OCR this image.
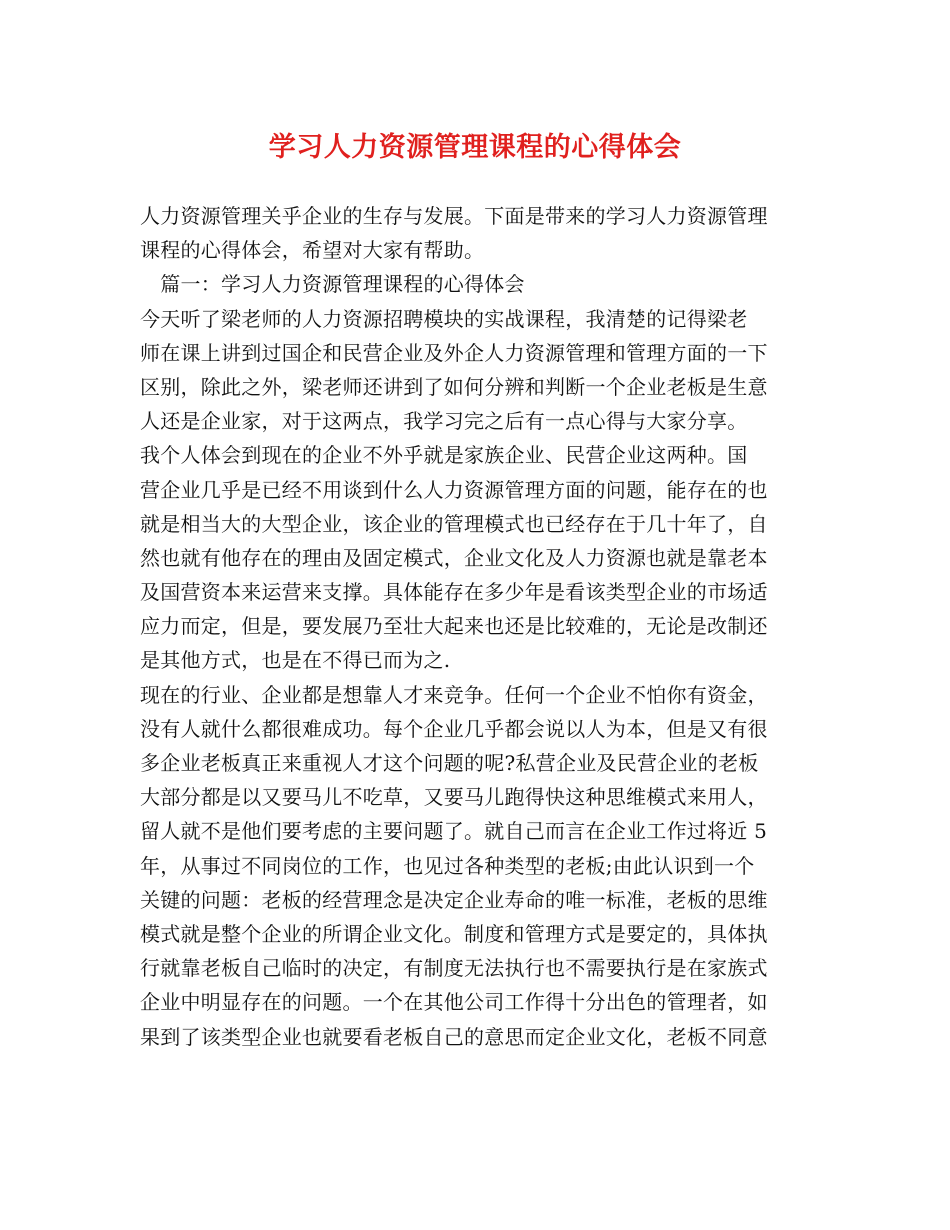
学习人力资源管理课程的心得体会
人力资源管理关乎企业的生存与发展。下面是带来的学习人力资源管理
课程的心得体会，希望对大家有帮助。
　篇一：学习人力资源管理课程的心得体会
今天听了梁老师的人力资源招聘模块的实战课程，我清楚的记得梁老
师在课上讲到过国企和民营企业及外企人力资源管理和管理方面的一下
区别，除此之外，梁老师还讲到了如何分辨和判断一个企业老板是生意
人还是企业家，对于这两点，我学习完之后有一点心得与大家分享。
我个人体会到现在的企业不外乎就是家族企业、民营企业这两种。国
营企业几乎是已经不用谈到什么人力资源管理方面的问题，能存在的也
就是相当大的大型企业，该企业的管理模式也已经存在于几十年了，自
然也就有他存在的理由及固定模式，企业文化及人力资源也就是靠老本
及国营资本来运营来支撑。具体能存在多少年是看该类型企业的市场适
应力而定，但是，要发展乃至壮大起来也还是比较难的，无论是改制还
是其他方式，也是在不得已而为之.
现在的行业、企业都是想靠人才来竞争。任何一个企业不怕你有资金，
没有人就什么都很难成功。每个企业几乎都会说以人为本，但是又有很
多企业老板真正来重视人才这个问题的呢?私营企业及民营企业的老板
大部分都是以又要马儿不吃草，又要马儿跑得快这种思维模式来用人，
留人就不是他们要考虑的主要问题了。就自己而言在企业工作过将近 5
年，从事过不同岗位的工作，也见过各种类型的老板;由此认识到一个
关键的问题：老板的经营理念是决定企业寿命的唯一标准，老板的思维
模式就是整个企业的所谓企业文化。制度和管理方式是要定的，具体执
行就靠老板自己临时的决定，有制度无法执行也不需要执行是在家族式
企业中明显存在的问题。一个在其他公司工作得十分出色的管理者，如
果到了该类型企业也就要看老板自己的意思而定企业文化，老板不同意
